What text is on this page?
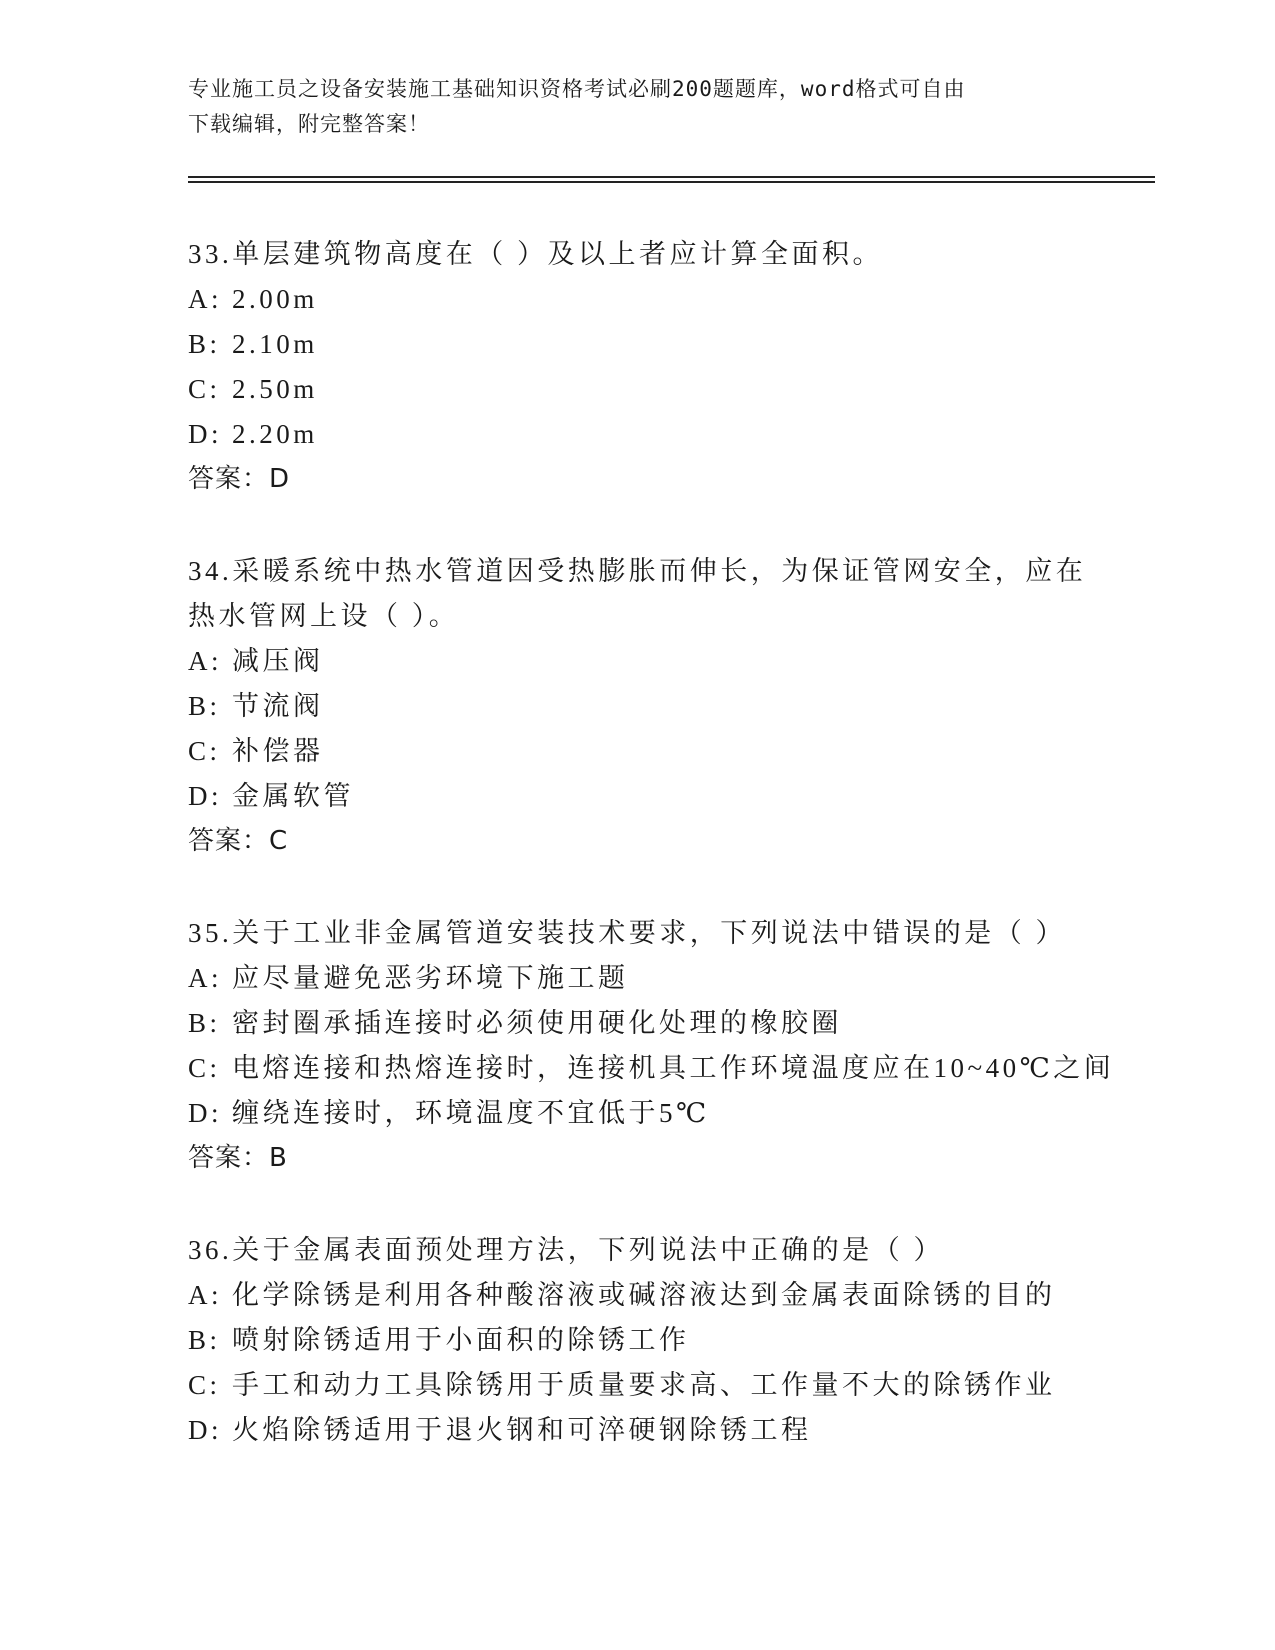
专业施工员之设备安装施工基础知识资格考试必刷200题题库，word格式可自由
下载编辑，附完整答案！

33.单层建筑物高度在（ ）及以上者应计算全面积。

A: 2.00m

B: 2.10m

C: 2.50m

D: 2.20m

答案：D

34.采暖系统中热水管道因受热膨胀而伸长，为保证管网安全，应在热水管网上设（ ）。

A: 减压阀

B: 节流阀

C: 补偿器

D: 金属软管

答案：C

35.关于工业非金属管道安装技术要求，下列说法中错误的是（ ）

A: 应尽量避免恶劣环境下施工题

B: 密封圈承插连接时必须使用硬化处理的橡胶圈

C: 电熔连接和热熔连接时，连接机具工作环境温度应在10~40℃之间

D: 缠绕连接时，环境温度不宜低于5℃

答案：B

36.关于金属表面预处理方法，下列说法中正确的是（ ）

A: 化学除锈是利用各种酸溶液或碱溶液达到金属表面除锈的目的

B: 喷射除锈适用于小面积的除锈工作

C: 手工和动力工具除锈用于质量要求高、工作量不大的除锈作业

D: 火焰除锈适用于退火钢和可淬硬钢除锈工程
